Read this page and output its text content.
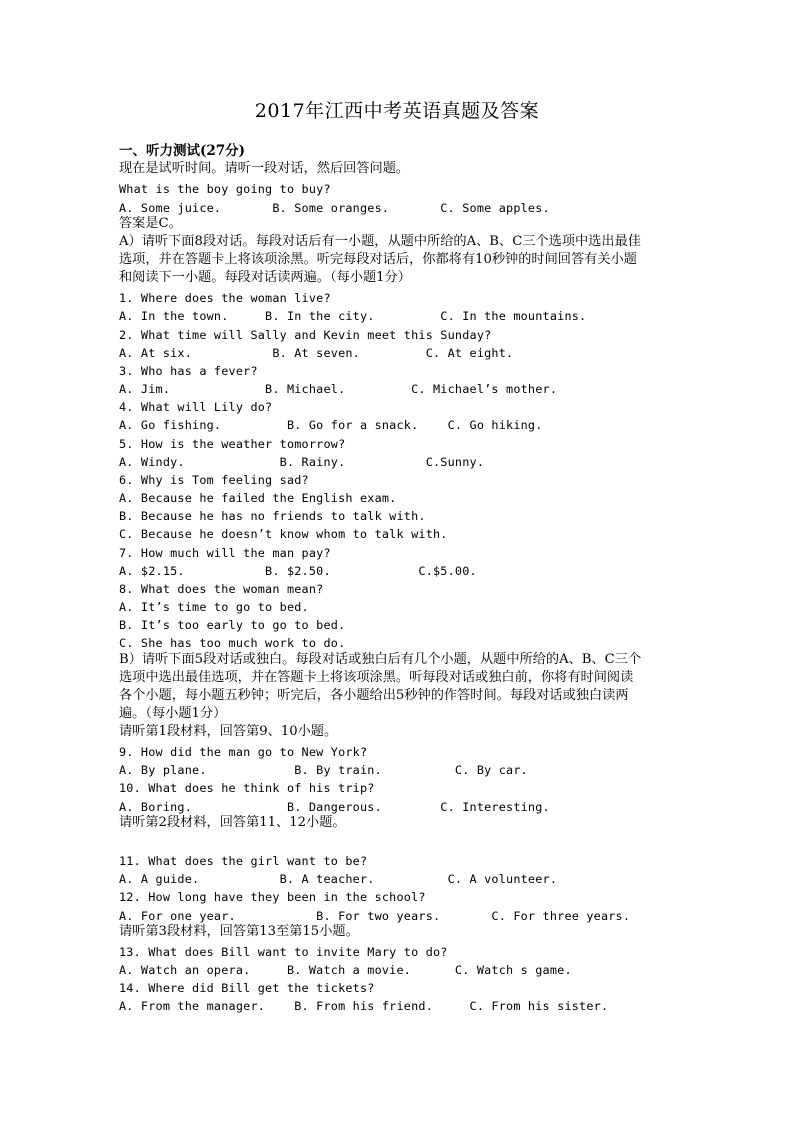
2017年江西中考英语真题及答案
一、听力测试(27分)
现在是试听时间。请听一段对话，然后回答问题。
What is the boy going to buy?
A. Some juice.       B. Some oranges.       C. Some apples.
答案是C。
A）请听下面8段对话。每段对话后有一小题，从题中所给的A、B、C三个选项中选出最佳
选项，并在答题卡上将该项涂黑。听完每段对话后，你都将有10秒钟的时间回答有关小题
和阅读下一小题。每段对话读两遍。（每小题1分）
1. Where does the woman live?
A. In the town.     B. In the city.         C. In the mountains.
2. What time will Sally and Kevin meet this Sunday?
A. At six.           B. At seven.         C. At eight.
3. Who has a fever?
A. Jim.             B. Michael.         C. Michael’s mother.
4. What will Lily do?
A. Go fishing.         B. Go for a snack.    C. Go hiking.
5. How is the weather tomorrow?
A. Windy.             B. Rainy.           C.Sunny.
6. Why is Tom feeling sad?
A. Because he failed the English exam.
B. Because he has no friends to talk with.
C. Because he doesn’t know whom to talk with.
7. How much will the man pay?
A. $2.15.           B. $2.50.            C.$5.00.
8. What does the woman mean?
A. It’s time to go to bed.
B. It’s too early to go to bed.
C. She has too much work to do.
B）请听下面5段对话或独白。每段对话或独白后有几个小题，从题中所给的A、B、C三个
选项中选出最佳选项，并在答题卡上将该项涂黑。听每段对话或独白前，你将有时间阅读
各个小题，每小题五秒钟；听完后，各小题给出5秒钟的作答时间。每段对话或独白读两
遍。（每小题1分）
请听第1段材料，回答第9、10小题。
9. How did the man go to New York?
A. By plane.            B. By train.          C. By car.
10. What does he think of his trip?
A. Boring.             B. Dangerous.        C. Interesting.
请听第2段材料，回答第11、12小题。
11. What does the girl want to be?
A. A guide.           B. A teacher.          C. A volunteer.
12. How long have they been in the school?
A. For one year.           B. For two years.       C. For three years.
请听第3段材料，回答第13至第15小题。
13. What does Bill want to invite Mary to do?
A. Watch an opera.     B. Watch a movie.      C. Watch s game.
14. Where did Bill get the tickets?
A. From the manager.    B. From his friend.     C. From his sister.
